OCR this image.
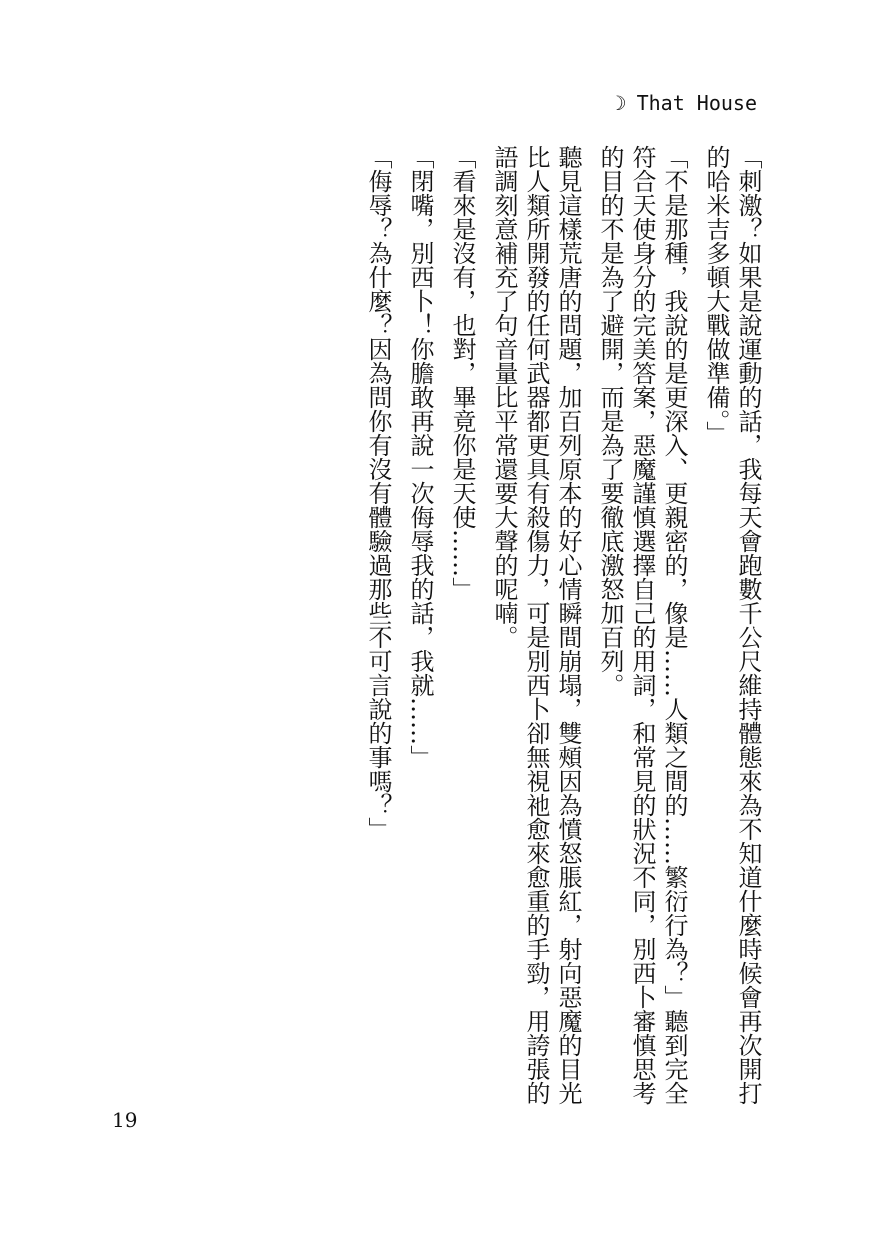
☽ That House

「刺激？如果是說運動的話，我每天會跑數千公尺維持體態來為不知道什麼時候會再次開打的哈米吉多頓大戰做準備。」

「不是那種，我說的是更深入、更親密的，像是……人類之間的……繁衍行為？」聽到完全符合天使身分的完美答案，惡魔謹慎選擇自己的用詞，和常見的狀況不同，別西卜審慎思考的目的不是為了避開，而是為了要徹底激怒加百列。

聽見這樣荒唐的問題，加百列原本的好心情瞬間崩塌，雙頰因為憤怒脹紅，射向惡魔的目光比人類所開發的任何武器都更具有殺傷力，可是別西卜卻無視祂愈來愈重的手勁，用誇張的語調刻意補充了句音量比平常還要大聲的呢喃。

「看來是沒有，也對，畢竟你是天使……」

「閉嘴，別西卜！你膽敢再說一次侮辱我的話，我就……」

「侮辱？為什麼？因為問你有沒有體驗過那些不可言說的事嗎？」

19
